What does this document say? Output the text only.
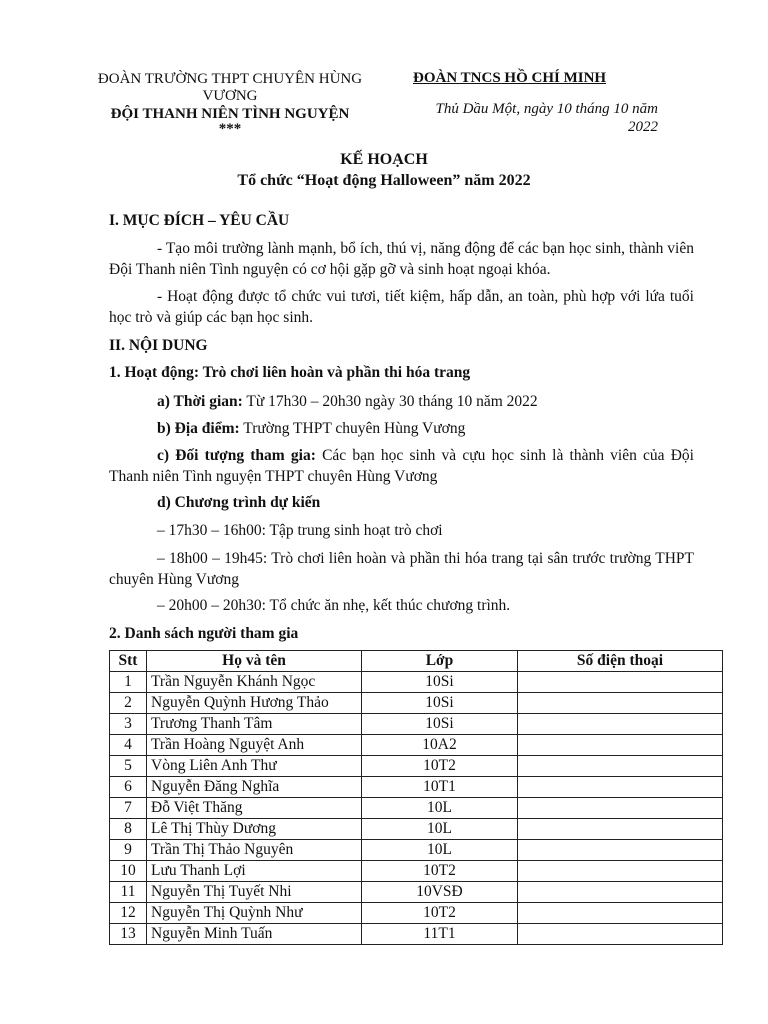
ĐOÀN TRƯỜNG THPT CHUYÊN HÙNG VƯƠNG
ĐỘI THANH NIÊN TÌNH NGUYỆN
***
ĐOÀN TNCS HỒ CHÍ MINH
Thủ Dầu Một, ngày 10 tháng 10 năm 2022
KẾ HOẠCH
Tổ chức “Hoạt động Halloween” năm 2022
I. MỤC ĐÍCH – YÊU CẦU
- Tạo môi trường lành mạnh, bổ ích, thú vị, năng động để các bạn học sinh, thành viên Đội Thanh niên Tình nguyện có cơ hội gặp gỡ và sinh hoạt ngoại khóa.
- Hoạt động được tổ chức vui tươi, tiết kiệm, hấp dẫn, an toàn, phù hợp với lứa tuổi học trò và giúp các bạn học sinh.
II. NỘI DUNG
1. Hoạt động: Trò chơi liên hoàn và phần thi hóa trang
a) Thời gian: Từ 17h30 – 20h30 ngày 30 tháng 10 năm 2022
b) Địa điểm: Trường THPT chuyên Hùng Vương
c) Đối tượng tham gia: Các bạn học sinh và cựu học sinh là thành viên của Đội Thanh niên Tình nguyện THPT chuyên Hùng Vương
d) Chương trình dự kiến
– 17h30 – 16h00: Tập trung sinh hoạt trò chơi
– 18h00 – 19h45: Trò chơi liên hoàn và phần thi hóa trang tại sân trước trường THPT chuyên Hùng Vương
– 20h00 – 20h30: Tổ chức ăn nhẹ, kết thúc chương trình.
2. Danh sách người tham gia
Stt	Họ và tên	Lớp	Số điện thoại
1	Trần Nguyễn Khánh Ngọc	10Si	
2	Nguyễn Quỳnh Hương Thảo	10Si	
3	Trương Thanh Tâm	10Si	
4	Trần Hoàng Nguyệt Anh	10A2	
5	Vòng Liên Anh Thư	10T2	
6	Nguyễn Đăng Nghĩa	10T1	
7	Đỗ Việt Thăng	10L	
8	Lê Thị Thùy Dương	10L	
9	Trần Thị Thảo Nguyên	10L	
10	Lưu Thanh Lợi	10T2	
11	Nguyễn Thị Tuyết Nhi	10VSĐ	
12	Nguyễn Thị Quỳnh Như	10T2	
13	Nguyễn Minh Tuấn	11T1	
